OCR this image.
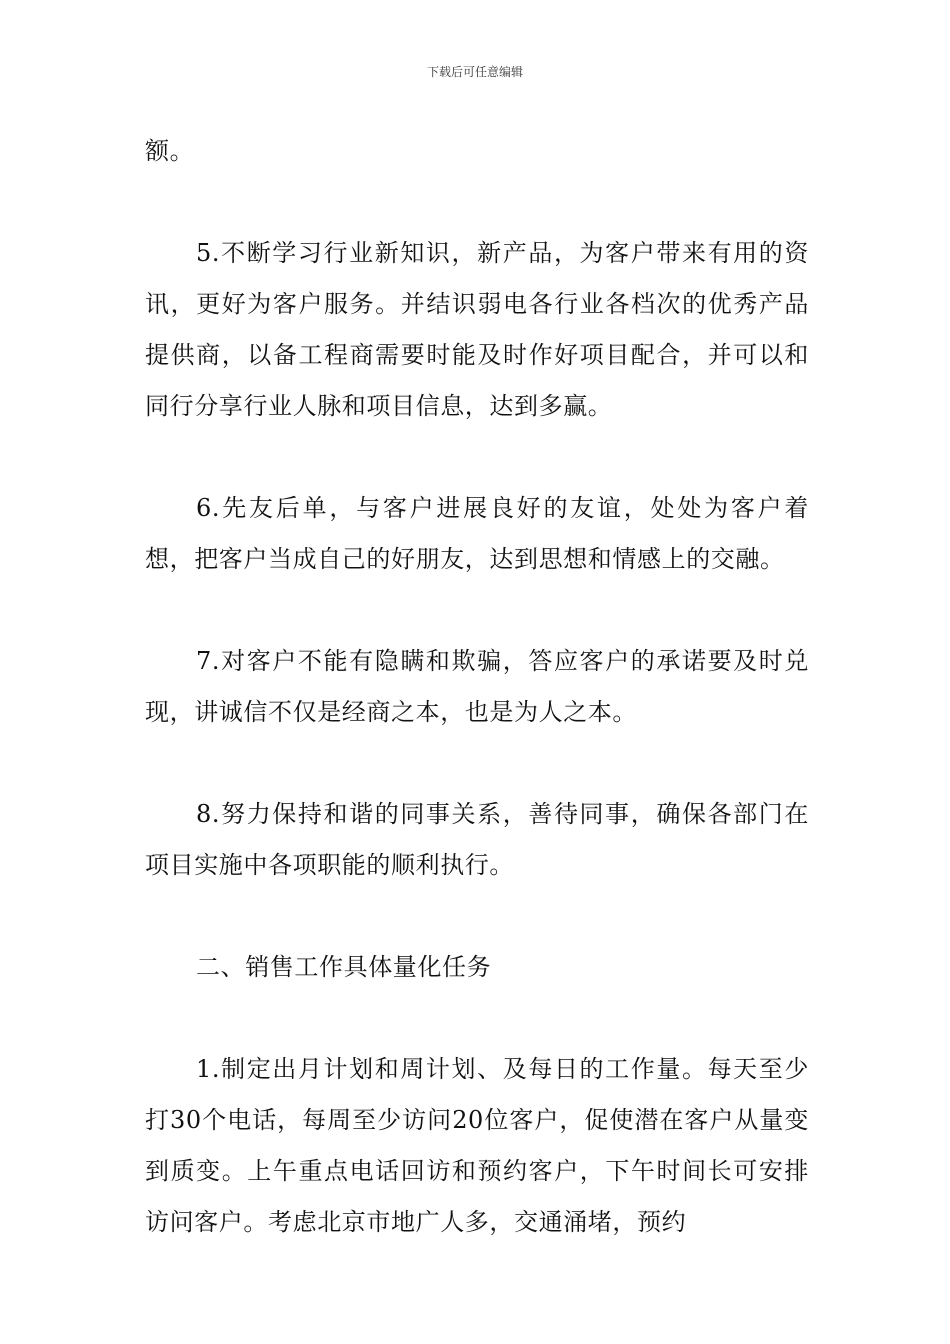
下载后可任意编辑

额。

5.不断学习行业新知识，新产品，为客户带来有用的资讯，更好为客户服务。并结识弱电各行业各档次的优秀产品提供商，以备工程商需要时能及时作好项目配合，并可以和同行分享行业人脉和项目信息，达到多赢。

6.先友后单，与客户进展良好的友谊，处处为客户着想，把客户当成自己的好朋友，达到思想和情感上的交融。

7.对客户不能有隐瞒和欺骗，答应客户的承诺要及时兑现，讲诚信不仅是经商之本，也是为人之本。

8.努力保持和谐的同事关系，善待同事，确保各部门在项目实施中各项职能的顺利执行。

二、销售工作具体量化任务

1.制定出月计划和周计划、及每日的工作量。每天至少打30个电话，每周至少访问20位客户，促使潜在客户从量变到质变。上午重点电话回访和预约客户，下午时间长可安排访问客户。考虑北京市地广人多，交通涌堵，预约
